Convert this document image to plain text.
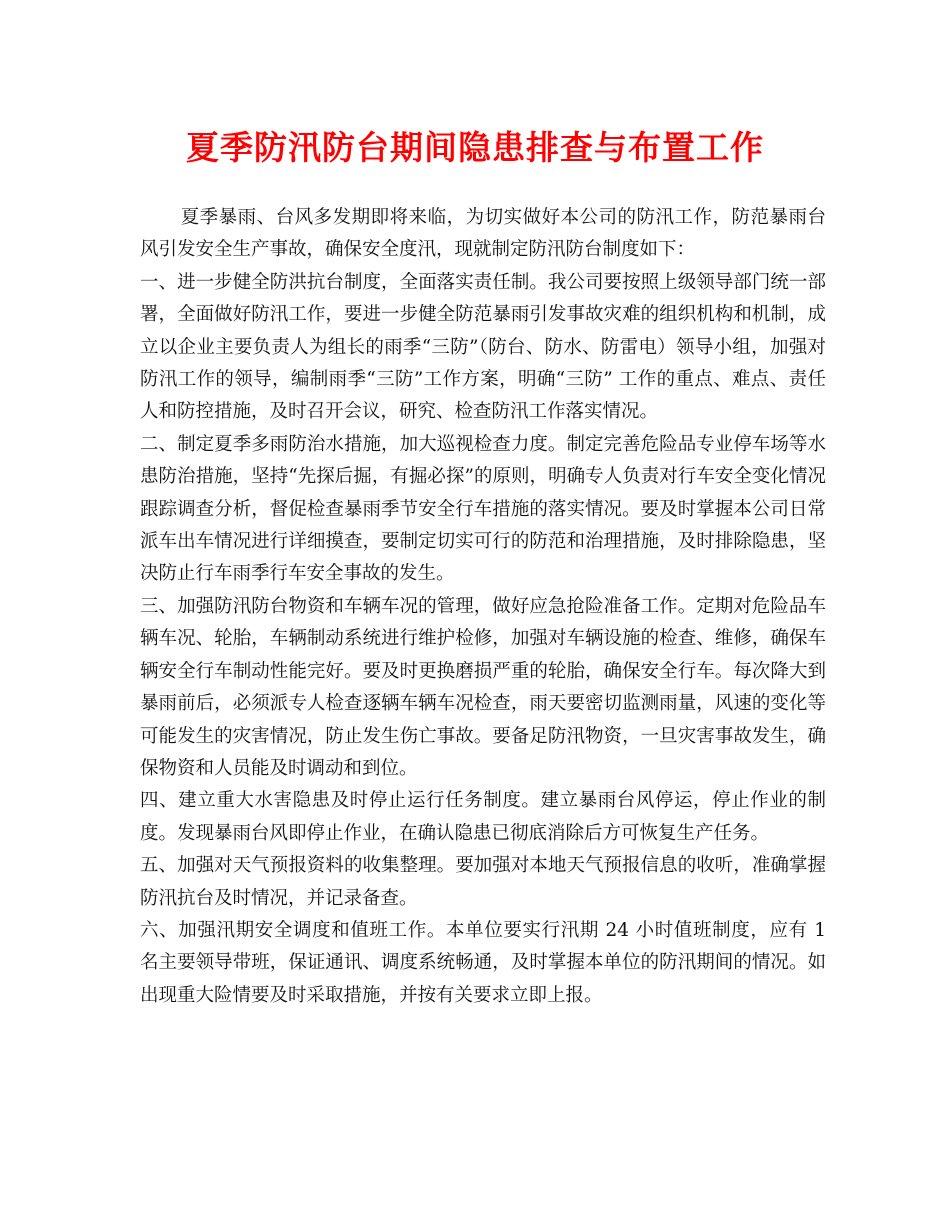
夏季防汛防台期间隐患排查与布置工作

夏季暴雨、台风多发期即将来临，为切实做好本公司的防汛工作，防范暴雨台风引发安全生产事故，确保安全度汛，现就制定防汛防台制度如下：

一、进一步健全防洪抗台制度，全面落实责任制。我公司要按照上级领导部门统一部署，全面做好防汛工作，要进一步健全防范暴雨引发事故灾难的组织机构和机制，成立以企业主要负责人为组长的雨季“三防”（防台、防水、防雷电）领导小组，加强对防汛工作的领导，编制雨季“三防”工作方案，明确“三防” 工作的重点、难点、责任人和防控措施，及时召开会议，研究、检查防汛工作落实情况。

二、制定夏季多雨防治水措施，加大巡视检查力度。制定完善危险品专业停车场等水患防治措施，坚持“先探后掘，有掘必探”的原则，明确专人负责对行车安全变化情况跟踪调查分析，督促检查暴雨季节安全行车措施的落实情况。要及时掌握本公司日常派车出车情况进行详细摸查，要制定切实可行的防范和治理措施，及时排除隐患，坚决防止行车雨季行车安全事故的发生。

三、加强防汛防台物资和车辆车况的管理，做好应急抢险准备工作。定期对危险品车辆车况、轮胎，车辆制动系统进行维护检修，加强对车辆设施的检查、维修，确保车辆安全行车制动性能完好。要及时更换磨损严重的轮胎，确保安全行车。每次降大到暴雨前后，必须派专人检查逐辆车辆车况检查，雨天要密切监测雨量，风速的变化等可能发生的灾害情况，防止发生伤亡事故。要备足防汛物资，一旦灾害事故发生，确保物资和人员能及时调动和到位。

四、建立重大水害隐患及时停止运行任务制度。建立暴雨台风停运，停止作业的制度。发现暴雨台风即停止作业，在确认隐患已彻底消除后方可恢复生产任务。

五、加强对天气预报资料的收集整理。要加强对本地天气预报信息的收听，准确掌握防汛抗台及时情况，并记录备查。

六、加强汛期安全调度和值班工作。本单位要实行汛期 24 小时值班制度，应有 1 名主要领导带班，保证通讯、调度系统畅通，及时掌握本单位的防汛期间的情况。如出现重大险情要及时采取措施，并按有关要求立即上报。
